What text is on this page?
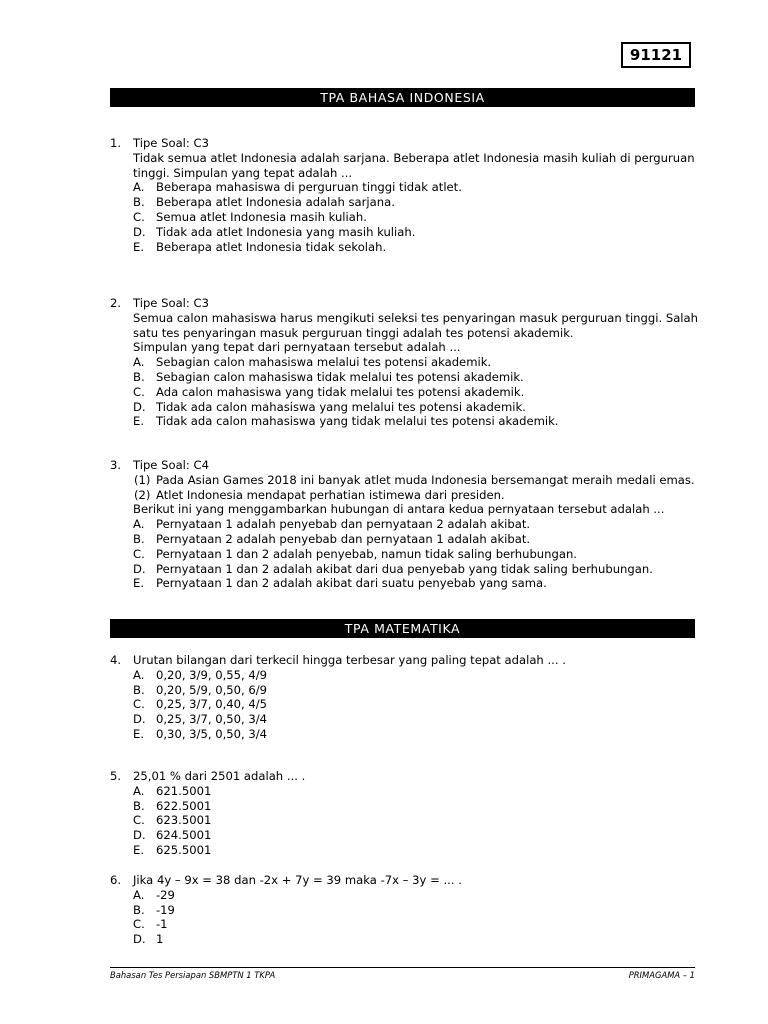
91121
TPA BAHASA INDONESIA
1.	Tipe Soal: C3
Tidak semua atlet Indonesia adalah sarjana. Beberapa atlet Indonesia masih kuliah di perguruan
tinggi. Simpulan yang tepat adalah ...
A. Beberapa mahasiswa di perguruan tinggi tidak atlet.
B. Beberapa atlet Indonesia adalah sarjana.
C. Semua atlet Indonesia masih kuliah.
D. Tidak ada atlet Indonesia yang masih kuliah.
E.	Beberapa atlet Indonesia tidak sekolah.
2.	Tipe Soal: C3
Semua calon mahasiswa harus mengikuti seleksi tes penyaringan masuk perguruan tinggi. Salah
satu tes penyaringan masuk perguruan tinggi adalah tes potensi akademik.
Simpulan yang tepat dari pernyataan tersebut adalah ...
A. Sebagian calon mahasiswa melalui tes potensi akademik.
B. Sebagian calon mahasiswa tidak melalui tes potensi akademik.
C. Ada calon mahasiswa yang tidak melalui tes potensi akademik.
D. Tidak ada calon mahasiswa yang melalui tes potensi akademik.
E.	Tidak ada calon mahasiswa yang tidak melalui tes potensi akademik.
3.	Tipe Soal: C4
(1) Pada Asian Games 2018 ini banyak atlet muda Indonesia bersemangat meraih medali emas.
(2) Atlet Indonesia mendapat perhatian istimewa dari presiden.
Berikut ini yang menggambarkan hubungan di antara kedua pernyataan tersebut adalah ...
A. Pernyataan 1 adalah penyebab dan pernyataan 2 adalah akibat.
B. Pernyataan 2 adalah penyebab dan pernyataan 1 adalah akibat.
C. Pernyataan 1 dan 2 adalah penyebab, namun tidak saling berhubungan.
D. Pernyataan 1 dan 2 adalah akibat dari dua penyebab yang tidak saling berhubungan.
E.	Pernyataan 1 dan 2 adalah akibat dari suatu penyebab yang sama.
TPA MATEMATIKA
4.	Urutan bilangan dari terkecil hingga terbesar yang paling tepat adalah ... .
A. 0,20, 3/9, 0,55, 4/9
B. 0,20, 5/9, 0,50, 6/9
C. 0,25, 3/7, 0,40, 4/5
D. 0,25, 3/7, 0,50, 3/4
E.	0,30, 3/5, 0,50, 3/4
5.	25,01 % dari 2501 adalah ... .
A. 621.5001
B. 622.5001
C. 623.5001
D. 624.5001
E.	625.5001
6.	Jika 4y – 9x = 38 dan -2x + 7y = 39 maka -7x – 3y = ... .
A. -29
B. -19
C. -1
D. 1
Bahasan Tes Persiapan SBMPTN 1 TKPA	PRIMAGAMA – 1
